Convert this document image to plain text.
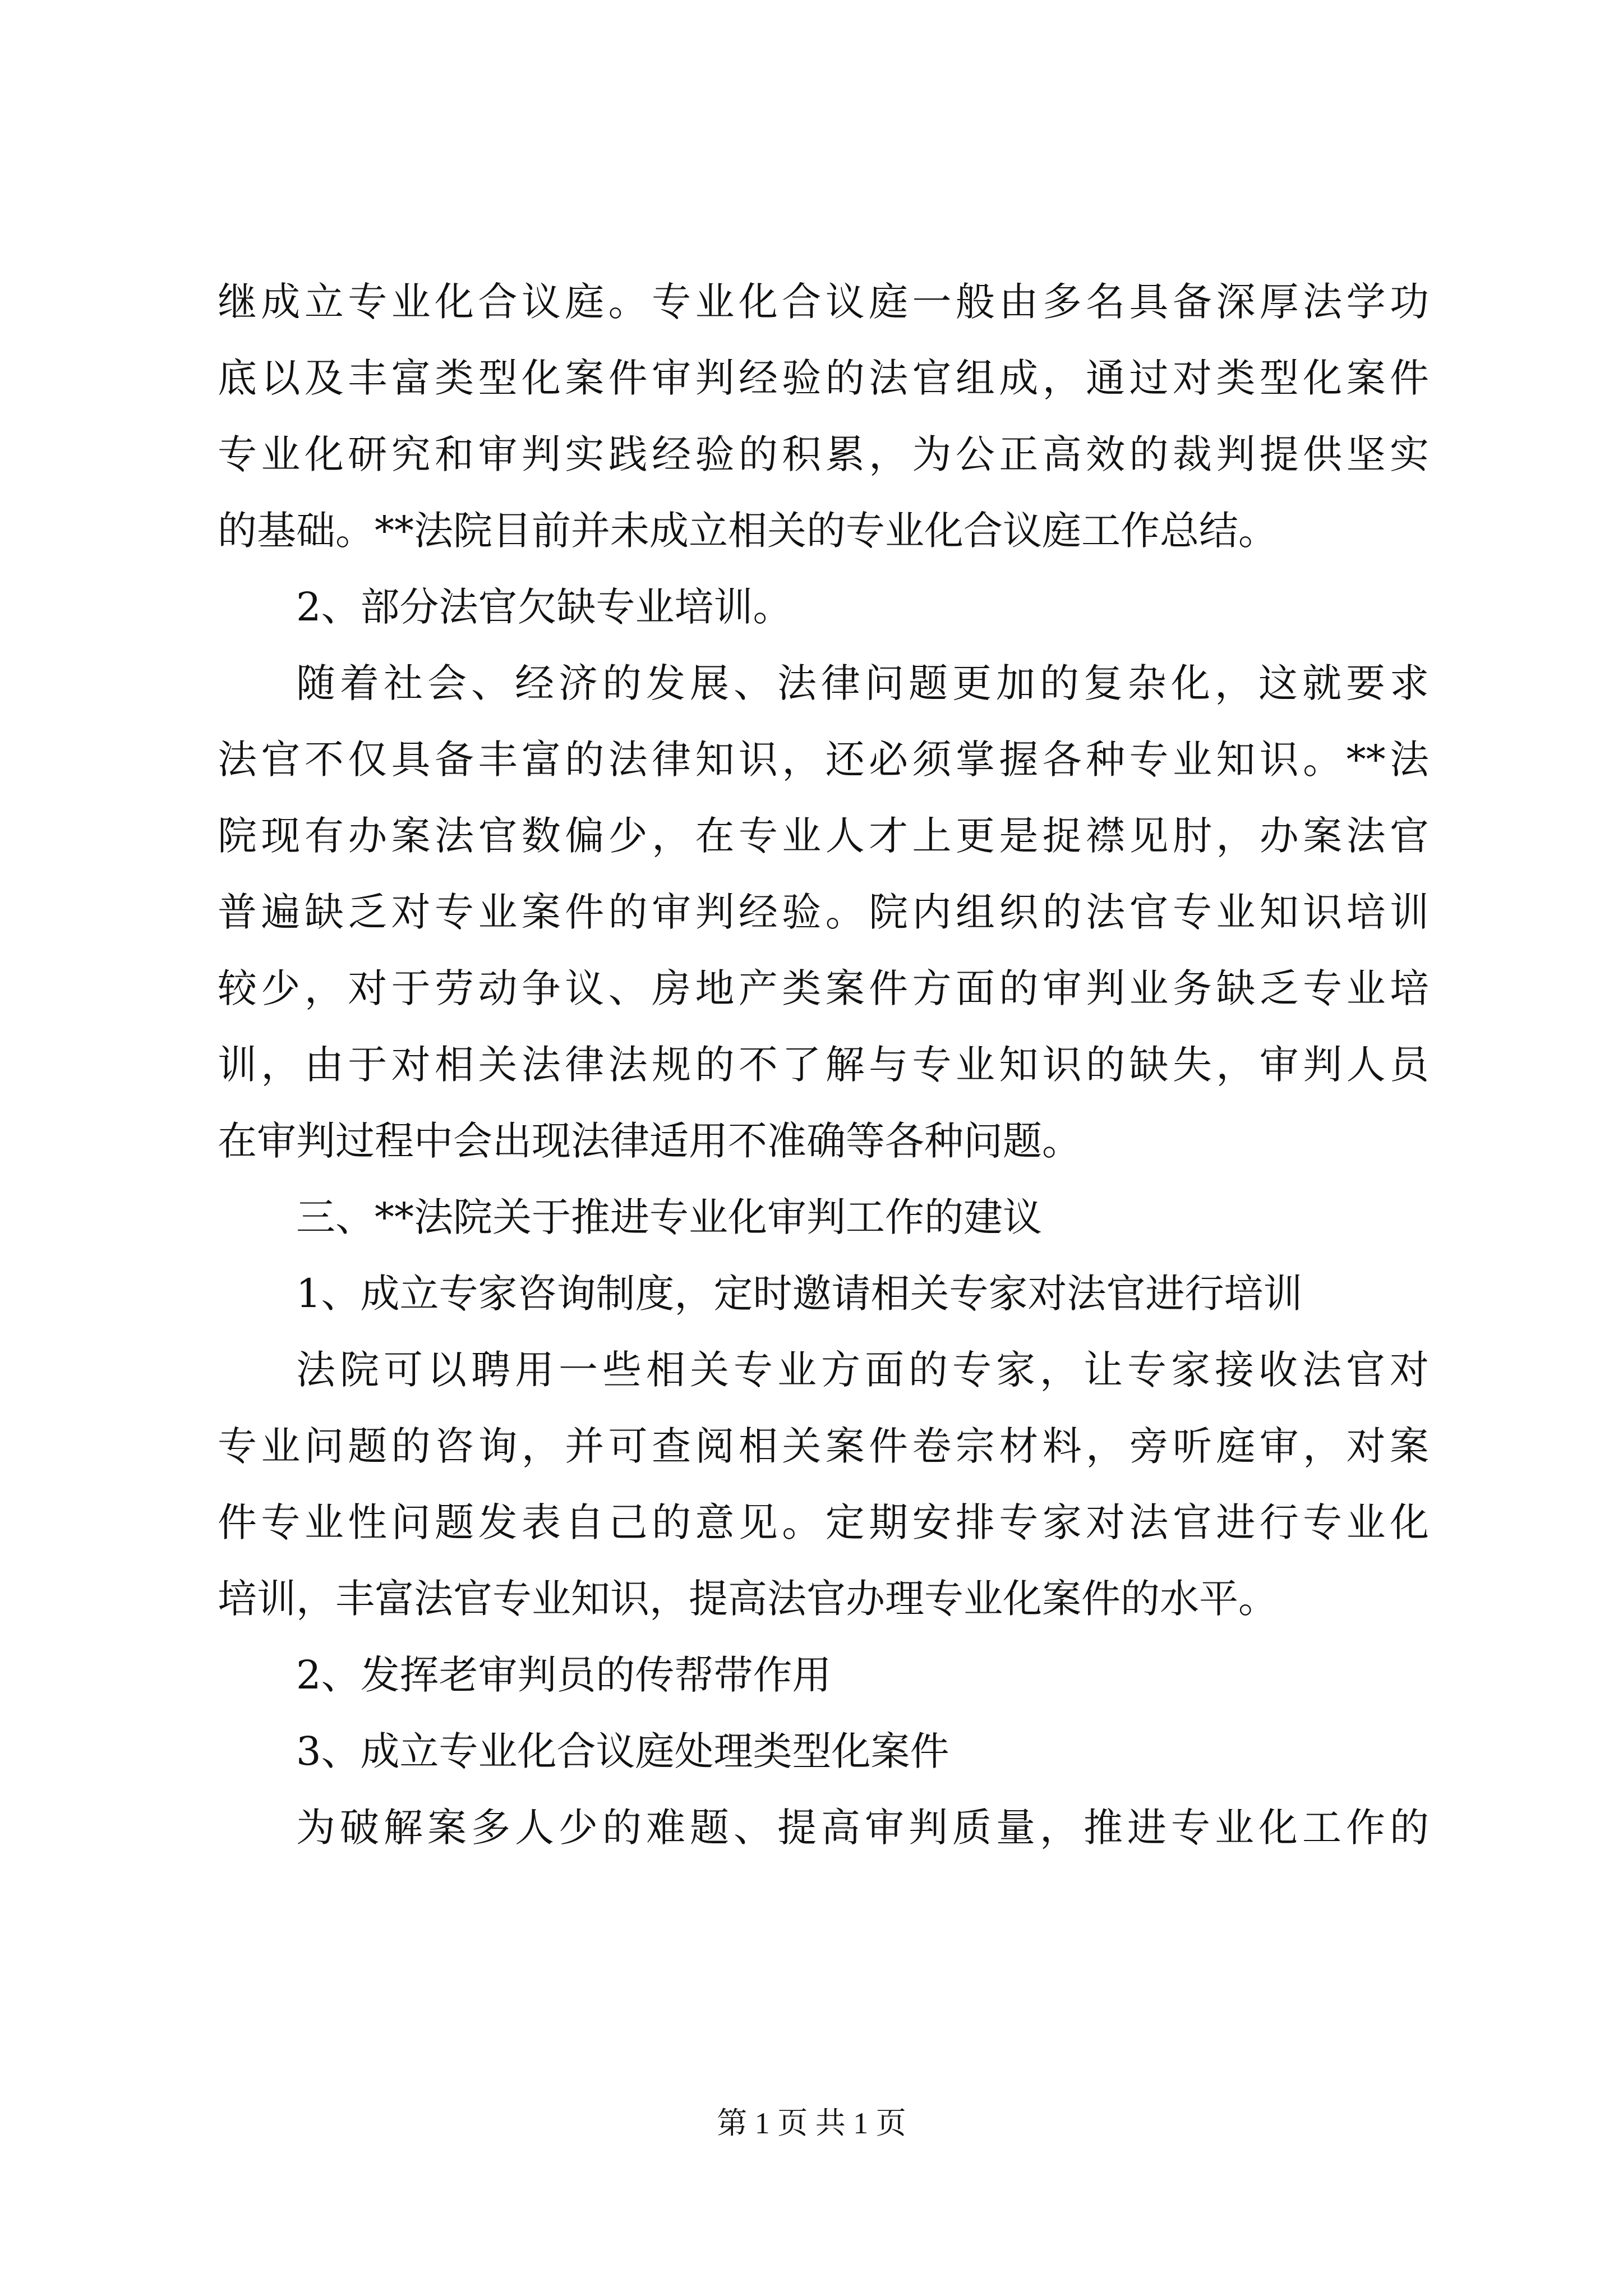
继成立专业化合议庭。专业化合议庭一般由多名具备深厚法学功
底以及丰富类型化案件审判经验的法官组成，通过对类型化案件
专业化研究和审判实践经验的积累，为公正高效的裁判提供坚实
的基础。**法院目前并未成立相关的专业化合议庭工作总结。
2、部分法官欠缺专业培训。
随着社会、经济的发展、法律问题更加的复杂化，这就要求
法官不仅具备丰富的法律知识，还必须掌握各种专业知识。**法
院现有办案法官数偏少，在专业人才上更是捉襟见肘，办案法官
普遍缺乏对专业案件的审判经验。院内组织的法官专业知识培训
较少，对于劳动争议、房地产类案件方面的审判业务缺乏专业培
训，由于对相关法律法规的不了解与专业知识的缺失，审判人员
在审判过程中会出现法律适用不准确等各种问题。
三、**法院关于推进专业化审判工作的建议
1、成立专家咨询制度，定时邀请相关专家对法官进行培训
法院可以聘用一些相关专业方面的专家，让专家接收法官对
专业问题的咨询，并可查阅相关案件卷宗材料，旁听庭审，对案
件专业性问题发表自己的意见。定期安排专家对法官进行专业化
培训，丰富法官专业知识，提高法官办理专业化案件的水平。
2、发挥老审判员的传帮带作用
3、成立专业化合议庭处理类型化案件
为破解案多人少的难题、提高审判质量，推进专业化工作的
第 1 页 共 1 页
